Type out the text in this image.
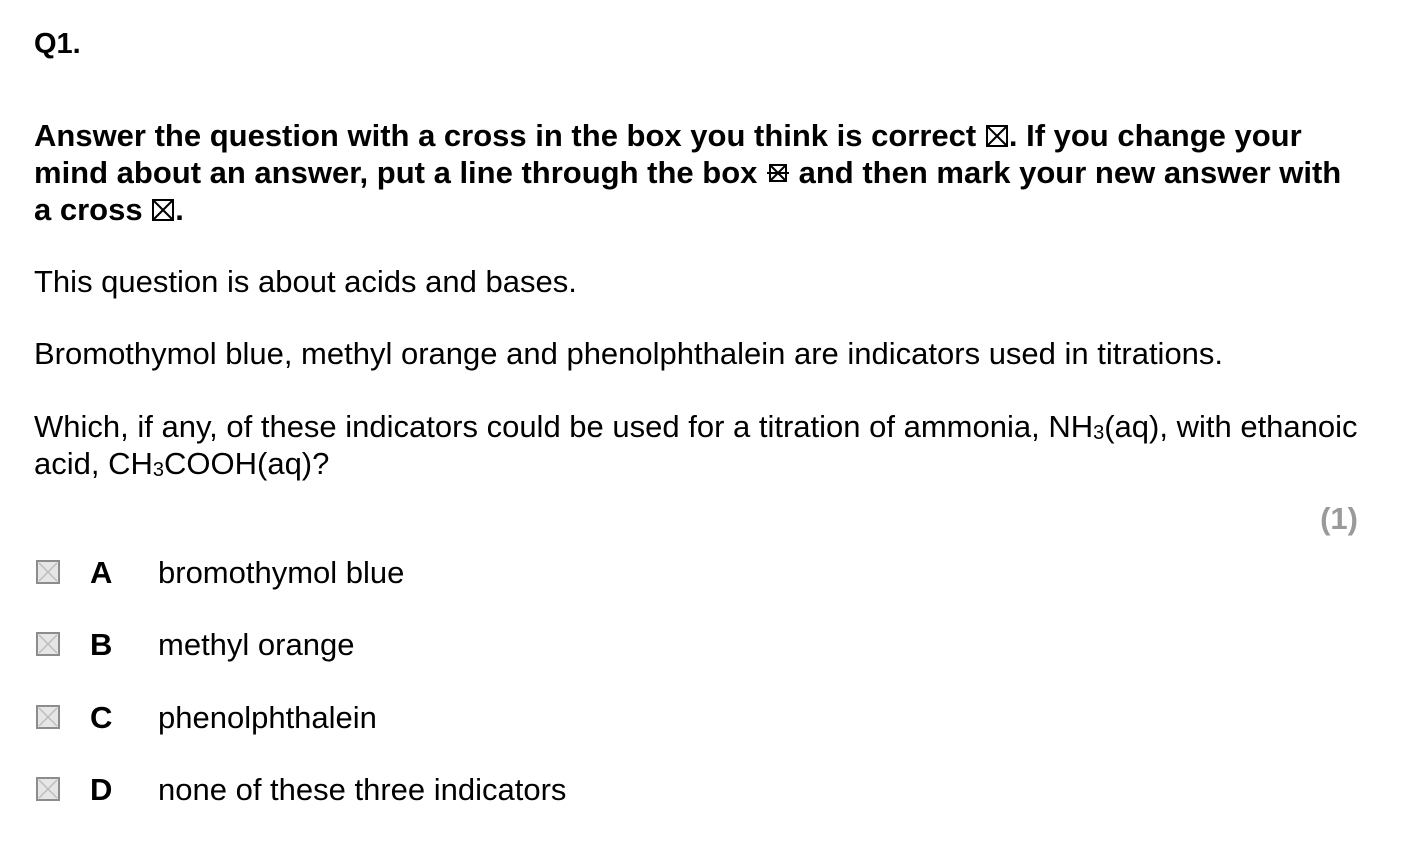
Q1.
Answer the question with a cross in the box you think is correct ☒. If you change your mind about an answer, put a line through the box and then mark your new answer with a cross ☒.
This question is about acids and bases.
Bromothymol blue, methyl orange and phenolphthalein are indicators used in titrations.
Which, if any, of these indicators could be used for a titration of ammonia, $NH_3(aq)$, with ethanoic acid, $CH_3COOH(aq)$?
(1)
A bromothymol blue
B methyl orange
C phenolphthalein
D none of these three indicators
